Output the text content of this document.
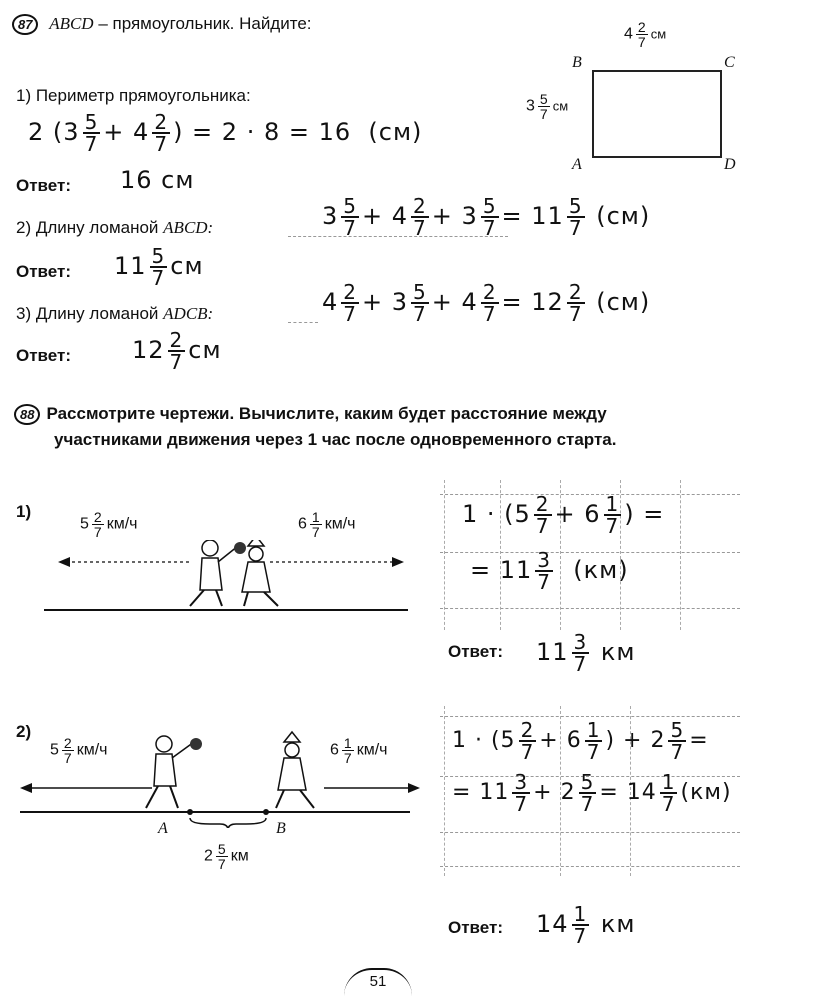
87 ABCD – прямоугольник. Найдите:
$4 \frac{2}{7}$ см
$3 \frac{5}{7}$ см
B	C
A	D
1) Периметр прямоугольника:
2 ($3 \frac{5}{7} + 4 \frac{2}{7}$ ) = 2 · 8 = 16 (см)
Ответ: 16 см
2) Длину ломаной ABCD:	$3 \frac{5}{7} + 4 \frac{2}{7} + 3 \frac{5}{7} = 11 \frac{5}{7} (см)$
Ответ: $11 \frac{5}{7}$ см
3) Длину ломаной ADCB:	$4 \frac{2}{7} + 3 \frac{5}{7} + 4 \frac{2}{7} = 12 \frac{2}{7} (см)$
Ответ:	$12 \frac{2}{7}$ см
88 Рассмотрите чертежи. Вычислите, каким будет расстояние между
участниками движения через 1 час после одновременного старта.
1)
$5 \frac{2}{7} км/ч$	$6 \frac{1}{7} км/ч$	$1 \cdot (5 \frac{2}{7} + 6 \frac{1}{7}$ ) =
= $11 \frac{3}{7} (км)$
Ответ: $11 \frac{3}{7}$ км
2)
$5 \frac{2}{7} км/ч$	$6 \frac{1}{7} км/ч$
A	B
$2 \frac{5}{7}$ км
$1 \cdot (5 \frac{2}{7} + 6 \frac{1}{7}$ ) + $2 \frac{5}{7}$ =
= $11 \frac{3}{7} + 2 \frac{5}{7} = 14 \frac{1}{7} (км)$
Ответ: $14 \frac{1}{7}$ км
51
